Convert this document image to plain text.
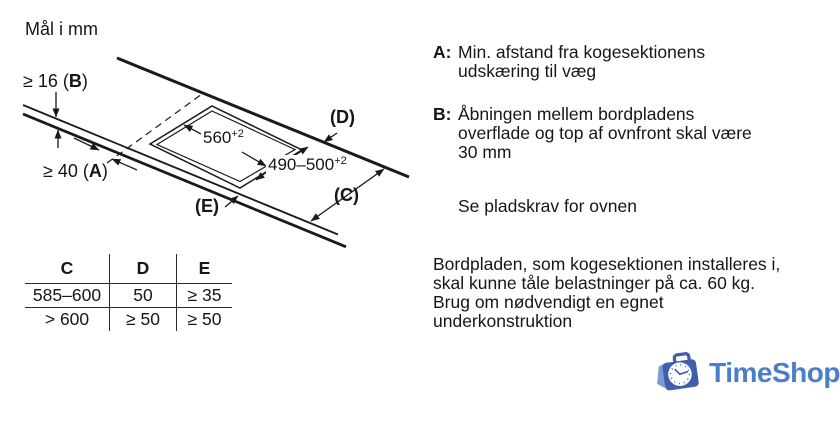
Mål i mm
≥ 16 (B)
≥ 40 (A)
$560^{+2}$
$490-500^{+2}$
(D)
(C)
(E)
C	D	E
585–600	50	≥ 35
> 600	≥ 50	≥ 50
A: Min. afstand fra kogesektionens
udskæring til væg
B: Åbningen mellem bordpladens
overflade og top af ovnfront skal være
30 mm
Se pladskrav for ovnen
Bordpladen, som kogesektionen installeres i,
skal kunne tåle belastninger på ca. 60 kg.
Brug om nødvendigt en egnet
underkonstruktion
TimeShop
